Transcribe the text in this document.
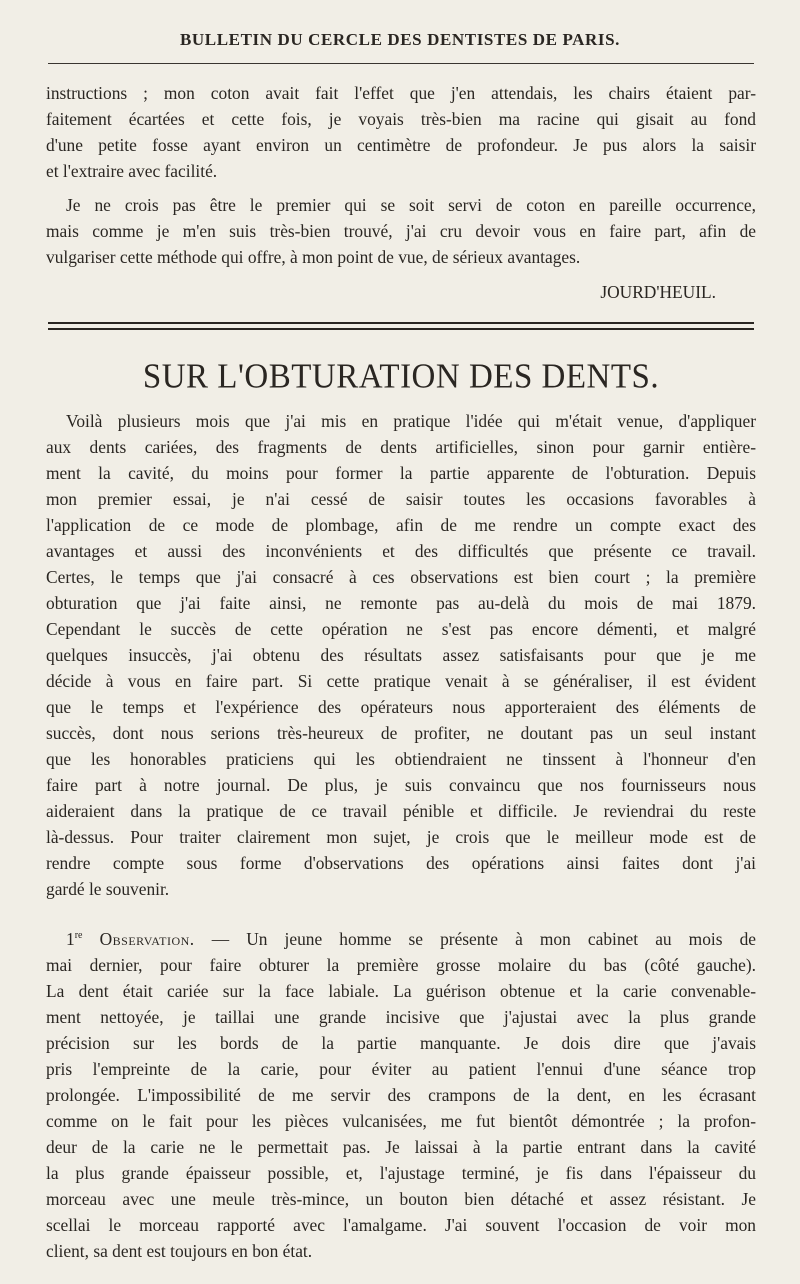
BULLETIN DU CERCLE DES DENTISTES DE PARIS.
instructions ; mon coton avait fait l'effet que j'en attendais, les chairs étaient par-
faitement écartées et cette fois, je voyais très-bien ma racine qui gisait au fond
d'une petite fosse ayant environ un centimètre de profondeur. Je pus alors la saisir
et l'extraire avec facilité.
Je ne crois pas être le premier qui se soit servi de coton en pareille occurrence,
mais comme je m'en suis très-bien trouvé, j'ai cru devoir vous en faire part, afin de
vulgariser cette méthode qui offre, à mon point de vue, de sérieux avantages.
JOURD'HEUIL.
SUR L'OBTURATION DES DENTS.
Voilà plusieurs mois que j'ai mis en pratique l'idée qui m'était venue, d'appliquer
aux dents cariées, des fragments de dents artificielles, sinon pour garnir entière-
ment la cavité, du moins pour former la partie apparente de l'obturation. Depuis
mon premier essai, je n'ai cessé de saisir toutes les occasions favorables à
l'application de ce mode de plombage, afin de me rendre un compte exact des
avantages et aussi des inconvénients et des difficultés que présente ce travail.
Certes, le temps que j'ai consacré à ces observations est bien court ; la première
obturation que j'ai faite ainsi, ne remonte pas au-delà du mois de mai 1879.
Cependant le succès de cette opération ne s'est pas encore démenti, et malgré
quelques insuccès, j'ai obtenu des résultats assez satisfaisants pour que je me
décide à vous en faire part. Si cette pratique venait à se généraliser, il est évident
que le temps et l'expérience des opérateurs nous apporteraient des éléments de
succès, dont nous serions très-heureux de profiter, ne doutant pas un seul instant
que les honorables praticiens qui les obtiendraient ne tinssent à l'honneur d'en
faire part à notre journal. De plus, je suis convaincu que nos fournisseurs nous
aideraient dans la pratique de ce travail pénible et difficile. Je reviendrai du reste
là-dessus. Pour traiter clairement mon sujet, je crois que le meilleur mode est de
rendre compte sous forme d'observations des opérations ainsi faites dont j'ai
gardé le souvenir.
1re Observation. — Un jeune homme se présente à mon cabinet au mois de
mai dernier, pour faire obturer la première grosse molaire du bas (côté gauche).
La dent était cariée sur la face labiale. La guérison obtenue et la carie convenable-
ment nettoyée, je taillai une grande incisive que j'ajustai avec la plus grande
précision sur les bords de la partie manquante. Je dois dire que j'avais
pris l'empreinte de la carie, pour éviter au patient l'ennui d'une séance trop
prolongée. L'impossibilité de me servir des crampons de la dent, en les écrasant
comme on le fait pour les pièces vulcanisées, me fut bientôt démontrée ; la profon-
deur de la carie ne le permettait pas. Je laissai à la partie entrant dans la cavité
la plus grande épaisseur possible, et, l'ajustage terminé, je fis dans l'épaisseur du
morceau avec une meule très-mince, un bouton bien détaché et assez résistant. Je
scellai le morceau rapporté avec l'amalgame. J'ai souvent l'occasion de voir mon
client, sa dent est toujours en bon état.
